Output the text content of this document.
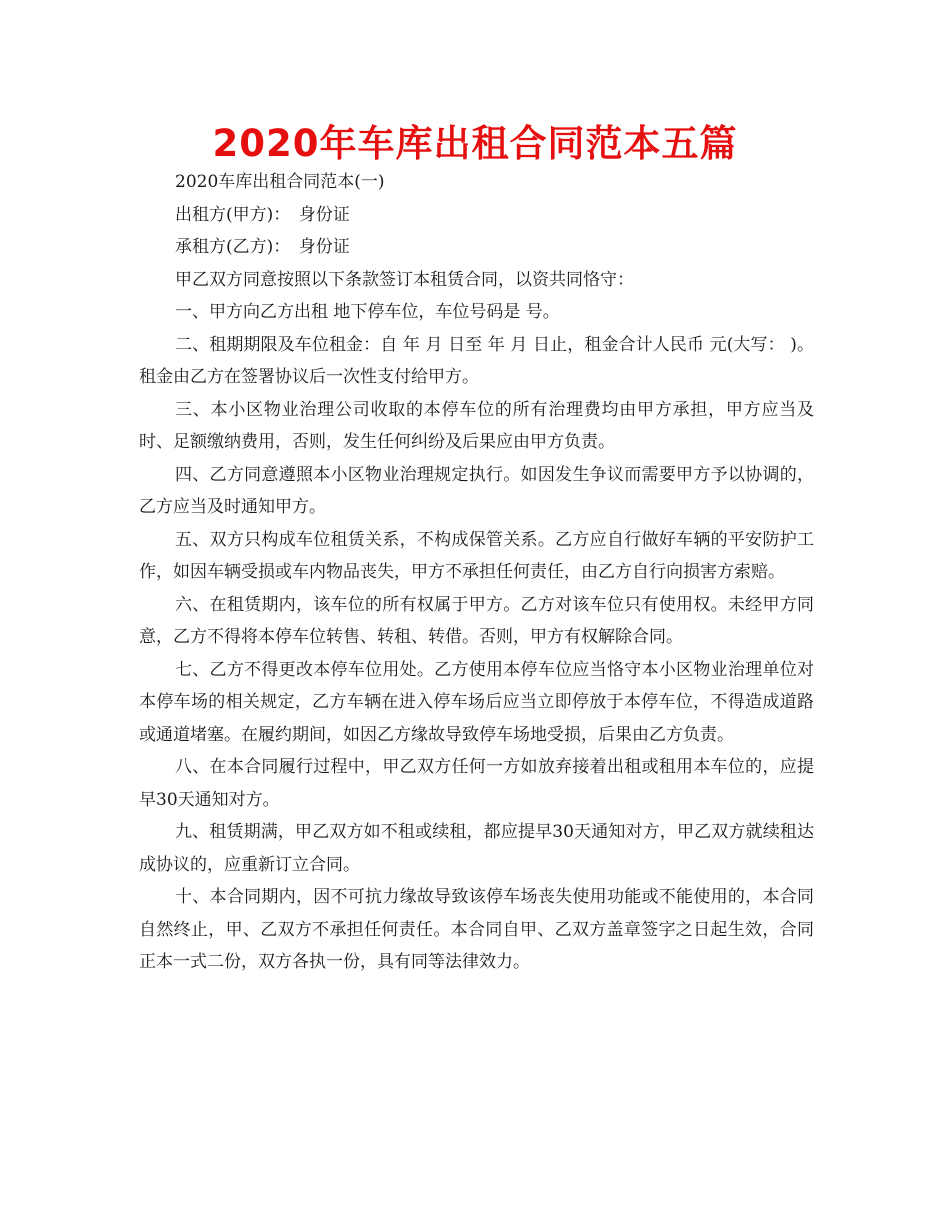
2020年车库出租合同范本五篇

2020车库出租合同范本(一)

出租方(甲方)：　身份证

承租方(乙方)：　身份证

甲乙双方同意按照以下条款签订本租赁合同，以资共同恪守：

一、甲方向乙方出租 地下停车位，车位号码是 号。

二、租期期限及车位租金：自 年 月 日至 年 月 日止，租金合计人民币 元(大写： )。租金由乙方在签署协议后一次性支付给甲方。

三、本小区物业治理公司收取的本停车位的所有治理费均由甲方承担，甲方应当及时、足额缴纳费用，否则，发生任何纠纷及后果应由甲方负责。

四、乙方同意遵照本小区物业治理规定执行。如因发生争议而需要甲方予以协调的，乙方应当及时通知甲方。

五、双方只构成车位租赁关系，不构成保管关系。乙方应自行做好车辆的平安防护工作，如因车辆受损或车内物品丧失，甲方不承担任何责任，由乙方自行向损害方索赔。

六、在租赁期内，该车位的所有权属于甲方。乙方对该车位只有使用权。未经甲方同意，乙方不得将本停车位转售、转租、转借。否则，甲方有权解除合同。

七、乙方不得更改本停车位用处。乙方使用本停车位应当恪守本小区物业治理单位对本停车场的相关规定，乙方车辆在进入停车场后应当立即停放于本停车位，不得造成道路或通道堵塞。在履约期间，如因乙方缘故导致停车场地受损，后果由乙方负责。

八、在本合同履行过程中，甲乙双方任何一方如放弃接着出租或租用本车位的，应提早30天通知对方。

九、租赁期满，甲乙双方如不租或续租，都应提早30天通知对方，甲乙双方就续租达成协议的，应重新订立合同。

十、本合同期内，因不可抗力缘故导致该停车场丧失使用功能或不能使用的，本合同自然终止，甲、乙双方不承担任何责任。本合同自甲、乙双方盖章签字之日起生效，合同正本一式二份，双方各执一份，具有同等法律效力。
